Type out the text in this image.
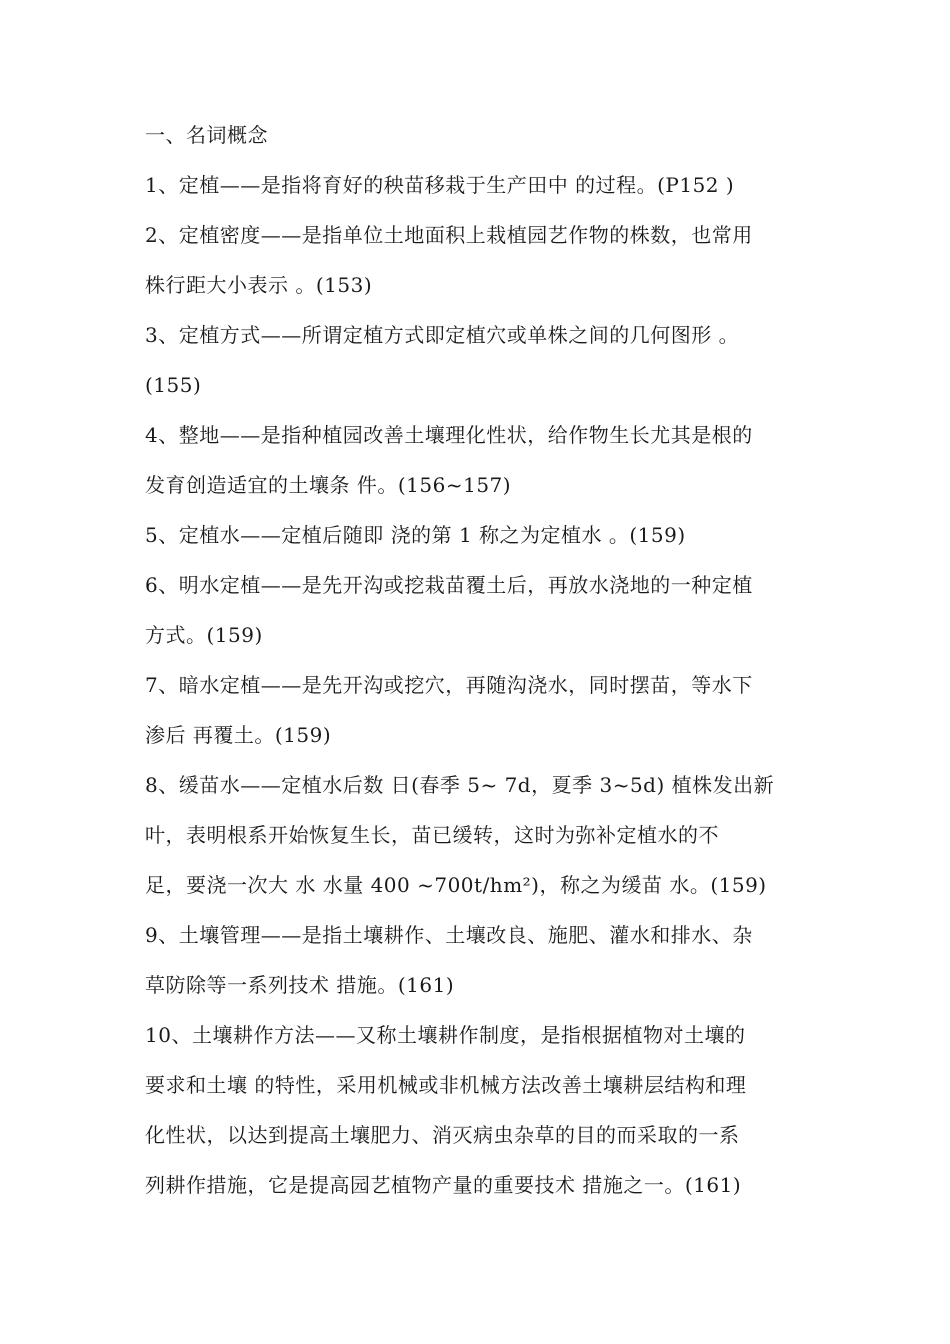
一、名词概念
1、定植——是指将育好的秧苗移栽于生产田中 的过程。(P152 )
2、定植密度——是指单位土地面积上栽植园艺作物的株数，也常用
株行距大小表示 。(153)
3、定植方式——所谓定植方式即定植穴或单株之间的几何图形 。
(155)
4、整地——是指种植园改善土壤理化性状，给作物生长尤其是根的
发育创造适宜的土壤条 件。(156~157)
5、定植水——定植后随即 浇的第 1 称之为定植水 。(159)
6、明水定植——是先开沟或挖栽苗覆土后，再放水浇地的一种定植
方式。(159)
7、暗水定植——是先开沟或挖穴，再随沟浇水，同时摆苗，等水下
渗后 再覆土。(159)
8、缓苗水——定植水后数 日(春季 5~ 7d，夏季 3~5d) 植株发出新
叶，表明根系开始恢复生长，苗已缓转，这时为弥补定植水的不
足，要浇一次大 水 水量 400 ~700t/hm²)，称之为缓苗 水。(159)
9、土壤管理——是指土壤耕作、土壤改良、施肥、灌水和排水、杂
草防除等一系列技术 措施。(161)
10、土壤耕作方法——又称土壤耕作制度，是指根据植物对土壤的
要求和土壤 的特性，采用机械或非机械方法改善土壤耕层结构和理
化性状，以达到提高土壤肥力、消灭病虫杂草的目的而采取的一系
列耕作措施，它是提高园艺植物产量的重要技术 措施之一。(161)
